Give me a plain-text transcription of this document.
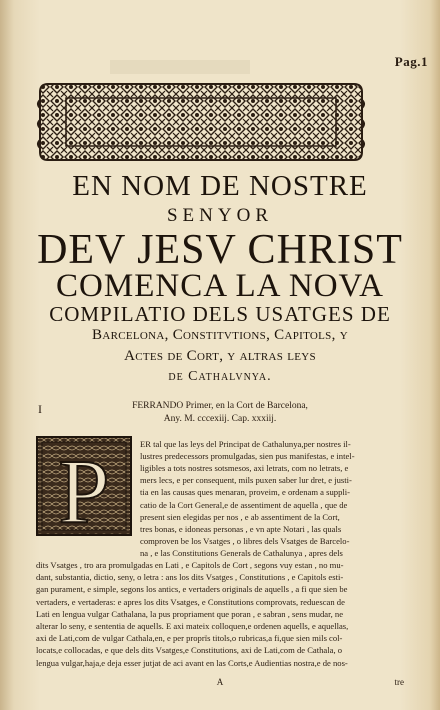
Pag.1
EN NOM DE NOSTRE
SENYOR
DEV JESV CHRIST
COMENCA LA NOVA
COMPILATIO DELS USATGES DE
Barcelona, Constitvtions, Capitols, y
Actes de Cort, y altras leys
de Cathalvnya.
I	FERRANDO Primer, en la Cort de Barcelona,
Any. M. cccexiij. Cap. xxxiij.
P	ER tal que las leys del Principat de Cathalunya,per nostres il-
lustres predecessors promulgadas, sien pus manifestas, e intel-
ligibles a tots nostres sotsmesos, axi letrats, com no letrats, e
mers lecs, e per consequent, mils puxen saber lur dret, e justi-
tia en las causas ques menaran, proveim, e ordenam a suppli-
catio de la Cort General,e de assentiment de aquella , que de
present sien elegidas per nos , e ab assentiment de la Cort,
tres bonas, e idoneas personas , e vn apte Notari , las quals
comproven be los Vsatges , o libres dels Vsatges de Barcelo-
na , e las Constitutions Generals de Cathalunya , apres dels
dits Vsatges , tro ara promulgadas en Lati , e Capitols de Cort , segons vuy estan , no mu-
dant, substantia, dictio, seny, o letra : ans los dits Vsatges , Constitutions , e Capitols esti-
gan purament, e simple, segons los antics, e vertaders originals de aquells , a fi que sien be
vertaders, e vertaderas: e apres los dits Vsatges, e Constitutions comprovats, reduescan de
Lati en lengua vulgar Cathalana, la pus propriament que poran , e sabran , sens mudar, ne
alterar lo seny, e sententia de aquells. E axi mateix colloquen,e ordenen aquells, e aquellas,
axi de Lati,com de vulgar Cathala,en, e per proprïs titols,o rubricas,a fi,que sien mils col-
locats,e collocadas, e que dels dits Vsatges,e Constitutions, axi de Lati,com de Cathala, o
lengua vulgar,haja,e deja esser jutjat de aci avant en las Corts,e Audientias nostra,e de nos-
A	tre
